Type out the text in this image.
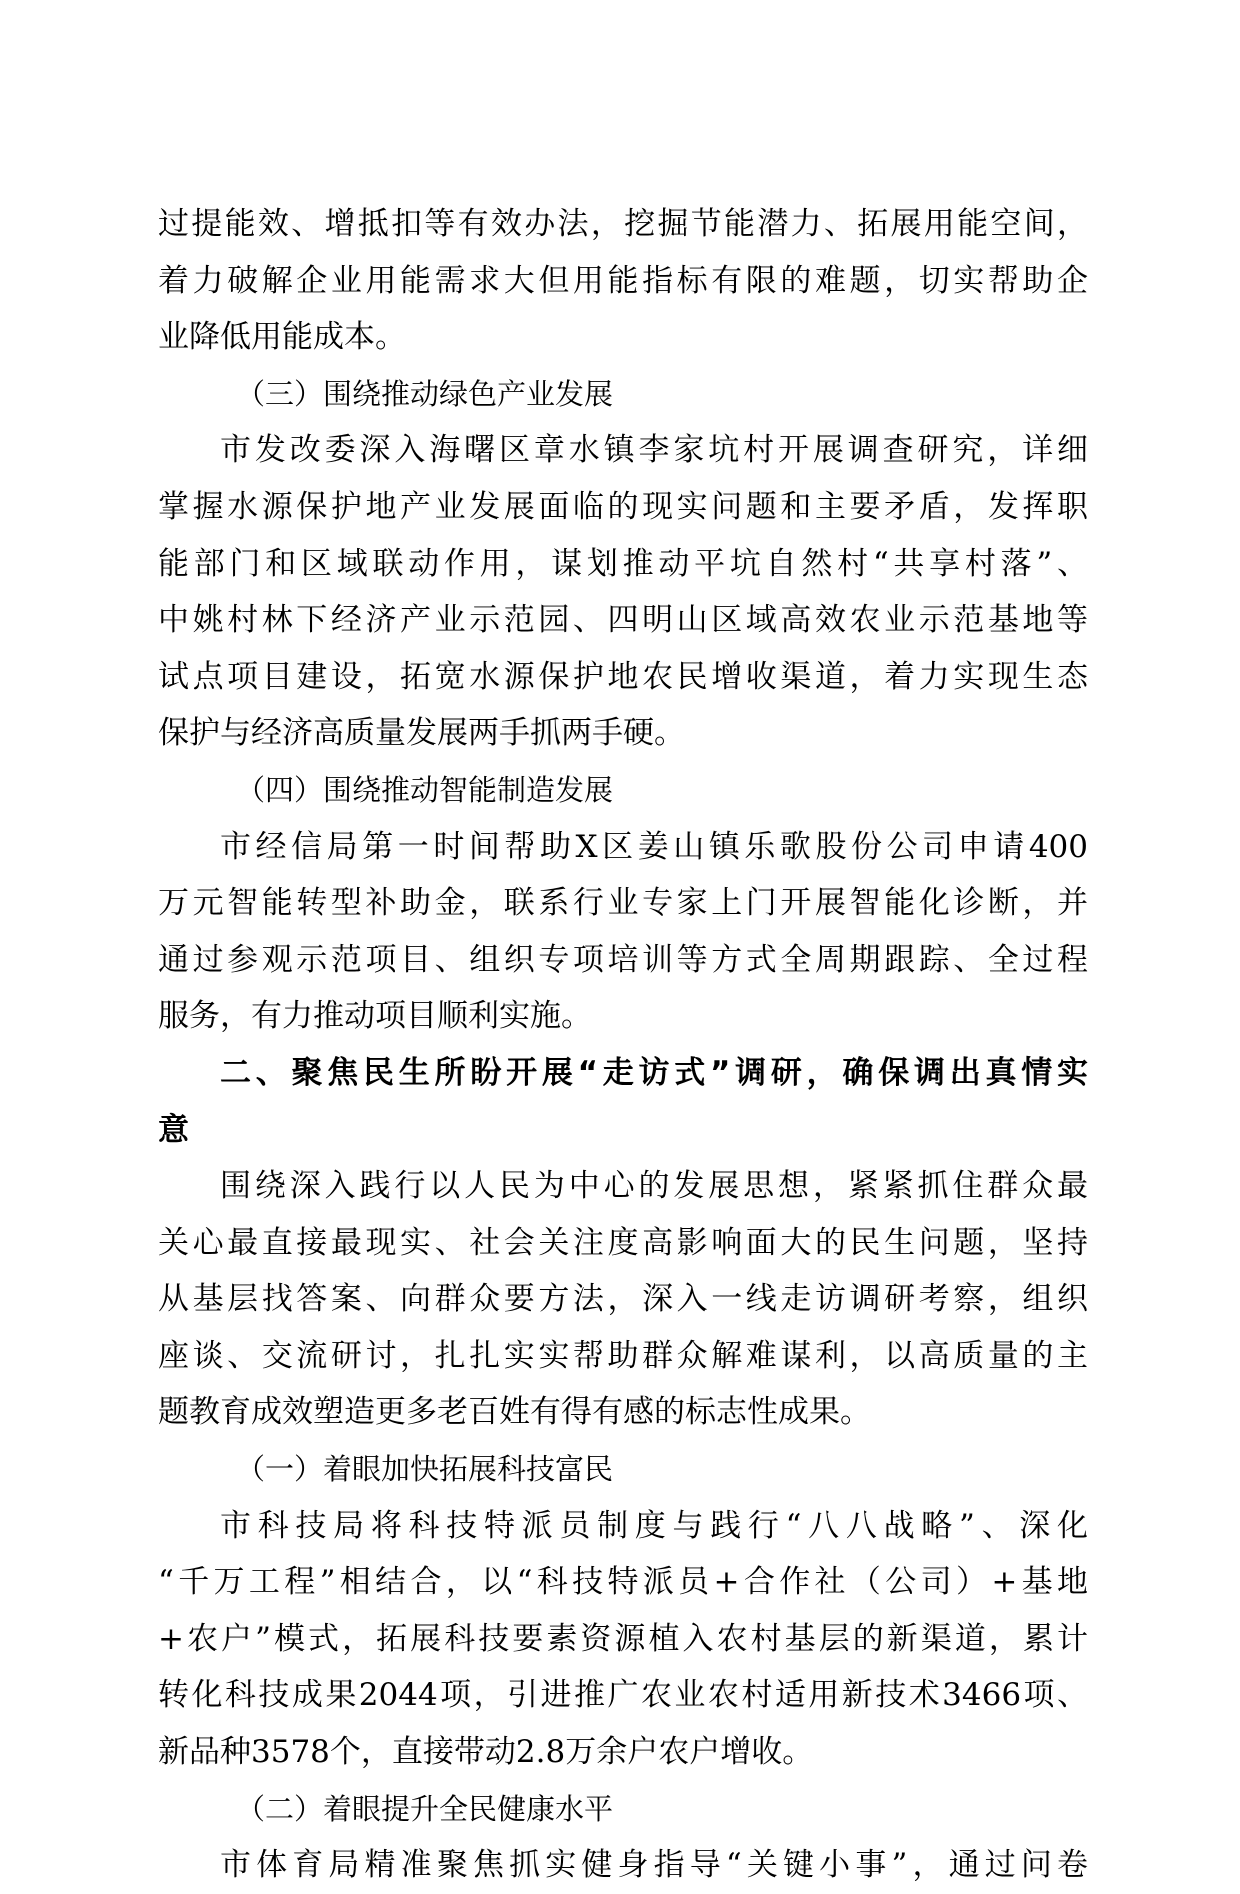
过提能效、增抵扣等有效办法，挖掘节能潜力、拓展用能空间，
着力破解企业用能需求大但用能指标有限的难题，切实帮助企
业降低用能成本。
（三）围绕推动绿色产业发展
市发改委深入海曙区章水镇李家坑村开展调查研究，详细
掌握水源保护地产业发展面临的现实问题和主要矛盾，发挥职
能部门和区域联动作用，谋划推动平坑自然村“共享村落”、
中姚村林下经济产业示范园、四明山区域高效农业示范基地等
试点项目建设，拓宽水源保护地农民增收渠道，着力实现生态
保护与经济高质量发展两手抓两手硬。
（四）围绕推动智能制造发展
市经信局第一时间帮助X区姜山镇乐歌股份公司申请400
万元智能转型补助金，联系行业专家上门开展智能化诊断，并
通过参观示范项目、组织专项培训等方式全周期跟踪、全过程
服务，有力推动项目顺利实施。
二、聚焦民生所盼开展“走访式”调研，确保调出真情实
意
围绕深入践行以人民为中心的发展思想，紧紧抓住群众最
关心最直接最现实、社会关注度高影响面大的民生问题，坚持
从基层找答案、向群众要方法，深入一线走访调研考察，组织
座谈、交流研讨，扎扎实实帮助群众解难谋利，以高质量的主
题教育成效塑造更多老百姓有得有感的标志性成果。
（一）着眼加快拓展科技富民
市科技局将科技特派员制度与践行“八八战略”、深化
“千万工程”相结合，以“科技特派员+合作社（公司）+基地
+农户”模式，拓展科技要素资源植入农村基层的新渠道，累计
转化科技成果2044项，引进推广农业农村适用新技术3466项、
新品种3578个，直接带动2.8万余户农户增收。
（二）着眼提升全民健康水平
市体育局精准聚焦抓实健身指导“关键小事”，通过问卷
